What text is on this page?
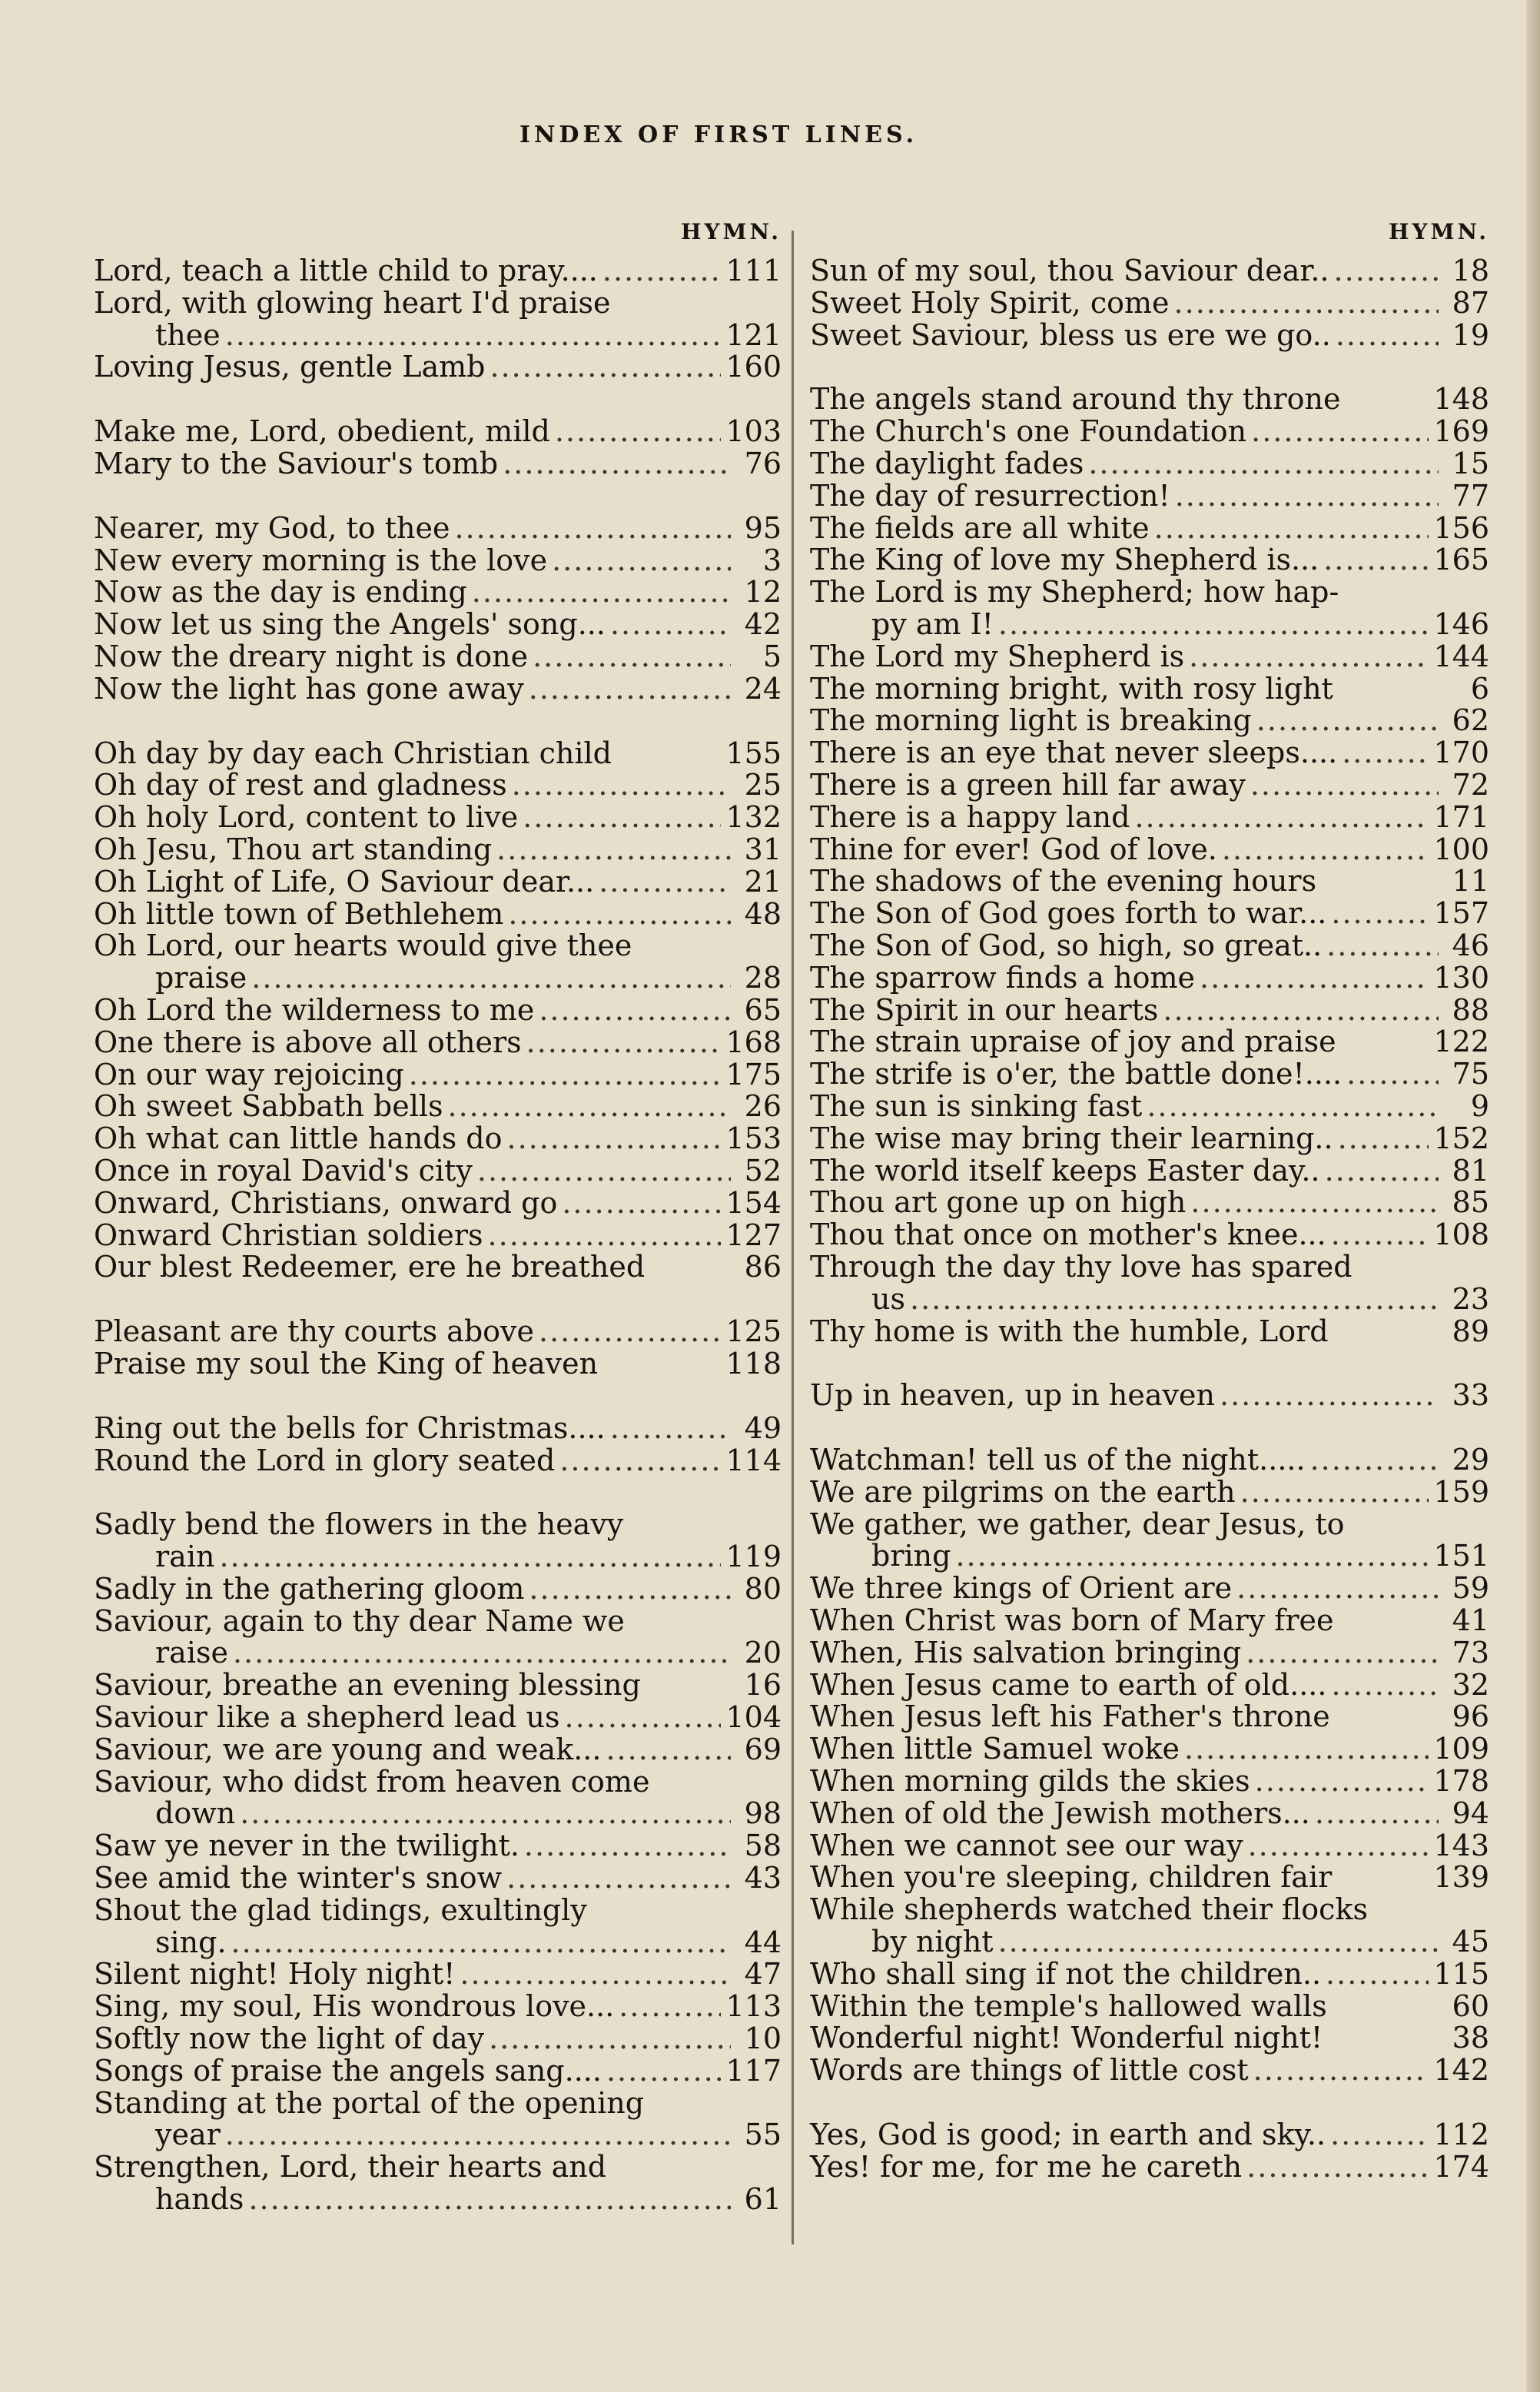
INDEX OF FIRST LINES.
HYMN.
Lord, teach a little child to pray.... .....	111
Lord, with glowing heart I'd praise
thee .....	121
Loving Jesus, gentle Lamb .....	160
Make me, Lord, obedient, mild .....	103
Mary to the Saviour's tomb .....	76
Nearer, my God, to thee .....	95
New every morning is the love .....	3
Now as the day is ending .....	12
Now let us sing the Angels' song... .....	42
Now the dreary night is done .....	5
Now the light has gone away .....	24
Oh day by day each Christian child	155
Oh day of rest and gladness .....	25
Oh holy Lord, content to live .....	132
Oh Jesu, Thou art standing .....	31
Oh Light of Life, O Saviour dear... .....	21
Oh little town of Bethlehem .....	48
Oh Lord, our hearts would give thee
praise .....	28
Oh Lord the wilderness to me .....	65
One there is above all others .....	168
On our way rejoicing .....	175
Oh sweet Sabbath bells .....	26
Oh what can little hands do .....	153
Once in royal David's city .....	52
Onward, Christians, onward go .....	154
Onward Christian soldiers .....	127
Our blest Redeemer, ere he breathed	86
Pleasant are thy courts above .....	125
Praise my soul the King of heaven	118
Ring out the bells for Christmas.... .....	49
Round the Lord in glory seated .....	114
Sadly bend the flowers in the heavy
rain .....	119
Sadly in the gathering gloom .....	80
Saviour, again to thy dear Name we
raise .....	20
Saviour, breathe an evening blessing	16
Saviour like a shepherd lead us .....	104
Saviour, we are young and weak... .....	69
Saviour, who didst from heaven come
down .....	98
Saw ye never in the twilight. .....	58
See amid the winter's snow .....	43
Shout the glad tidings, exultingly
sing. .....	44
Silent night! Holy night! .....	47
Sing, my soul, His wondrous love... .....	113
Softly now the light of day .....	10
Songs of praise the angels sang.... .....	117
Standing at the portal of the opening
year .....	55
Strengthen, Lord, their hearts and
hands .....	61
HYMN.
Sun of my soul, thou Saviour dear.. .....	18
Sweet Holy Spirit, come .....	87
Sweet Saviour, bless us ere we go.. .....	19
The angels stand around thy throne	148
The Church's one Foundation .....	169
The daylight fades .....	15
The day of resurrection! .....	77
The fields are all white .....	156
The King of love my Shepherd is... .....	165
The Lord is my Shepherd; how hap-
py am I! .....	146
The Lord my Shepherd is .....	144
The morning bright, with rosy light	6
The morning light is breaking .....	62
There is an eye that never sleeps.... .....	170
There is a green hill far away .....	72
There is a happy land .....	171
Thine for ever! God of love. .....	100
The shadows of the evening hours	11
The Son of God goes forth to war... .....	157
The Son of God, so high, so great.. .....	46
The sparrow finds a home .....	130
The Spirit in our hearts .....	88
The strain upraise of joy and praise	122
The strife is o'er, the battle done!.... .....	75
The sun is sinking fast .....	9
The wise may bring their learning.. .....	152
The world itself keeps Easter day.. .....	81
Thou art gone up on high .....	85
Thou that once on mother's knee... .....	108
Through the day thy love has spared
us .....	23
Thy home is with the humble, Lord	89
Up in heaven, up in heaven .....	33
Watchman! tell us of the night..... .....	29
We are pilgrims on the earth .....	159
We gather, we gather, dear Jesus, to
bring .....	151
We three kings of Orient are .....	59
When Christ was born of Mary free	41
When, His salvation bringing .....	73
When Jesus came to earth of old.... .....	32
When Jesus left his Father's throne	96
When little Samuel woke .....	109
When morning gilds the skies .....	178
When of old the Jewish mothers... .....	94
When we cannot see our way .....	143
When you're sleeping, children fair	139
While shepherds watched their flocks
by night .....	45
Who shall sing if not the children.. .....	115
Within the temple's hallowed walls	60
Wonderful night! Wonderful night!	38
Words are things of little cost .....	142
Yes, God is good; in earth and sky.. .....	112
Yes! for me, for me he careth .....	174
